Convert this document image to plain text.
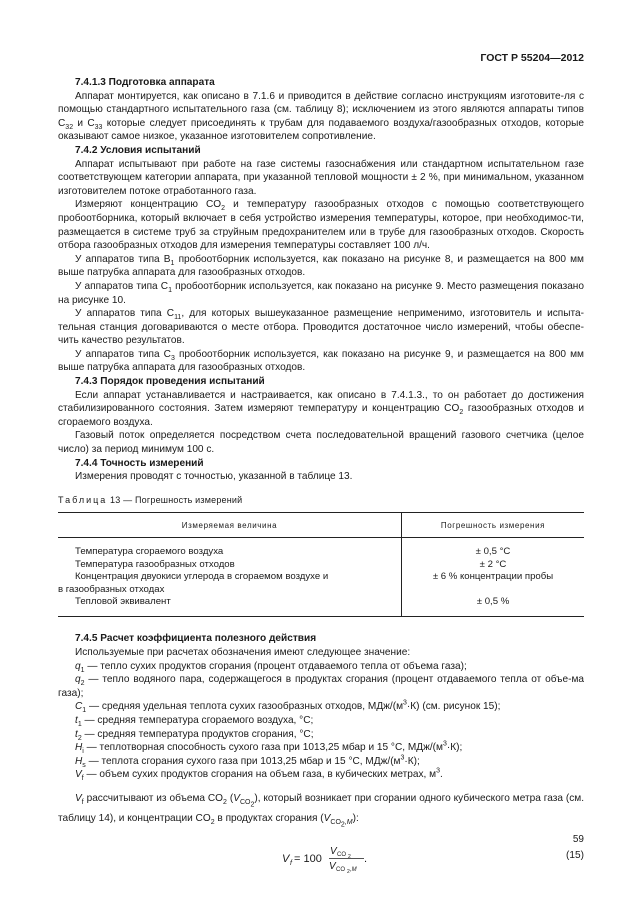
ГОСТ Р 55204—2012

7.4.1.3 Подготовка аппарата

Аппарат монтируется, как описано в 7.1.6 и приводится в действие согласно инструкциям изготовите-ля с помощью стандартного испытательного газа (см. таблицу 8); исключением из этого являются аппараты типов $С_{32}$ и $С_{33}$ которые следует присоединять к трубам для подаваемого воздуха/газообразных отходов, которые оказывают самое низкое, указанное изготовителем сопротивление.

7.4.2 Условия испытаний

Аппарат испытывают при работе на газе системы газоснабжения или стандартном испытательном газе соответствующем категории аппарата, при указанной тепловой мощности ± 2 %, при минимальном, указанном изготовителем потоке отработанного газа.

Измеряют концентрацию $CO_2$ и температуру газообразных отходов с помощью соответствующего пробоотборника, который включает в себя устройство измерения температуры, которое, при необходимос-ти, размещается в системе труб за струйным предохранителем или в трубе для газообразных отходов. Скорость отбора газообразных отходов для измерения температуры составляет 100 л/ч.

У аппаратов типа $В_1$ пробоотборник используется, как показано на рисунке 8, и размещается на 800 мм выше патрубка аппарата для газообразных отходов.

У аппаратов типа $С_1$ пробоотборник используется, как показано на рисунке 9. Место размещения показано на рисунке 10.

У аппаратов типа $С_{11}$, для которых вышеуказанное размещение неприменимо, изготовитель и испыта-тельная станция договариваются о месте отбора. Проводится достаточное число измерений, чтобы обеспе-чить качество результатов.

У аппаратов типа $С_3$ пробоотборник используется, как показано на рисунке 9, и размещается на 800 мм выше патрубка аппарата для газообразных отходов.

7.4.3 Порядок проведения испытаний

Если аппарат устанавливается и настраивается, как описано в 7.4.1.3., то он работает до достижения стабилизированного состояния. Затем измеряют температуру и концентрацию $CO_2$ газообразных отходов и сгораемого воздуха.

Газовый поток определяется посредством счета последовательной вращений газового счетчика (целое число) за период минимум 100 с.

7.4.4 Точность измерений

Измерения проводят с точностью, указанной в таблице 13.

Таблица 13 — Погрешность измерений
Измеряемая величина	Погрешность измерения
Температура сгораемого воздуха	± 0,5 °С
Температура газообразных отходов	± 2 °С
Концентрация двуокиси углерода в сгораемом воздухе и	± 6 % концентрации пробы
в газообразных отходах	
Тепловой эквивалент	± 0,5 %

7.4.5 Расчет коэффициента полезного действия

Используемые при расчетах обозначения имеют следующее значение:

$q_1$ — тепло сухих продуктов сгорания (процент отдаваемого тепла от объема газа);

$q_2$ — тепло водяного пара, содержащегося в продуктах сгорания (процент отдаваемого тепла от объе-ма газа);

$C_1$ — средняя удельная теплота сухих газообразных отходов, МДж/$(м^3\cdot К)$ (см. рисунок 15);

$t_1$ — средняя температура сгораемого воздуха, °С;

$t_2$ — средняя температура продуктов сгорания, °С;

$H_i$ — теплотворная способность сухого газа при 1013,25 мбар и 15 °С, МДж/$(м^3\cdot К)$;

$H_s$ — теплота сгорания сухого газа при 1013,25 мбар и 15 °С, МДж/$(м^3\cdot К)$;

$V_f$ — объем сухих продуктов сгорания на объем газа, в кубических метрах, $м^3$.

$V_f$ рассчитывают из объема $CO_2$ $(V_{CO_2})$, который возникает при сгорании одного кубического метра газа (см. таблицу 14), и концентрации $CO_2$ в продуктах сгорания $(V_{CO_2,M})$:

V f = 100
V CO 2
V CO 2 ,M
.	(15)
59
